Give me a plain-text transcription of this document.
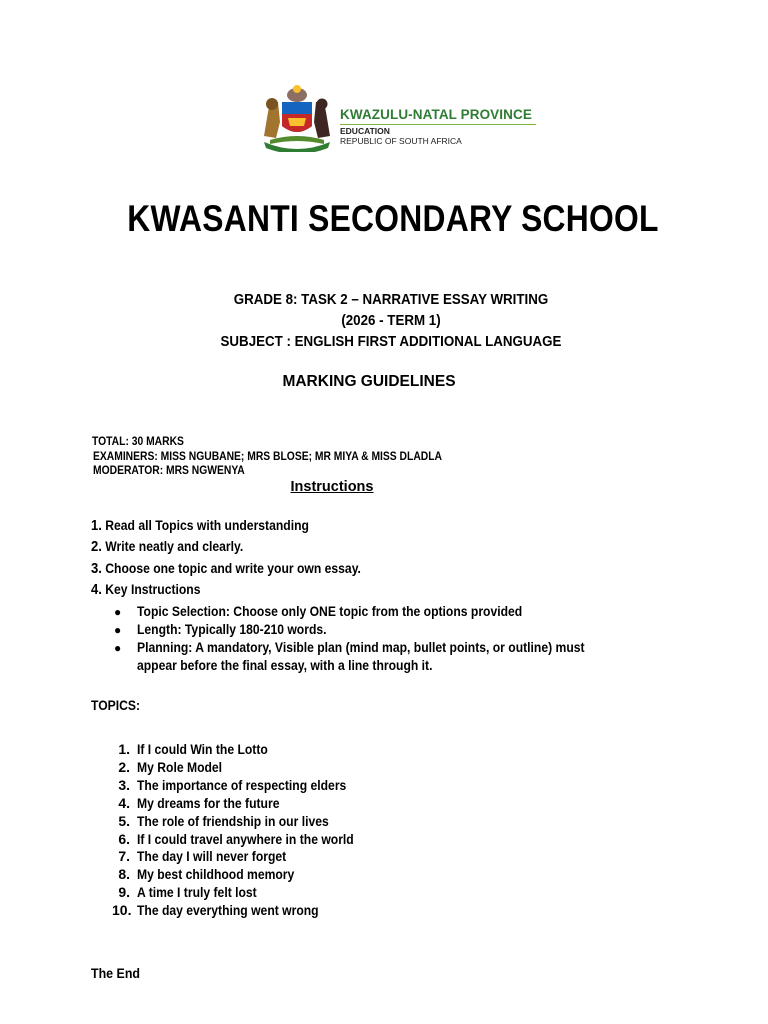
KWAZULU-NATAL PROVINCE
EDUCATION
REPUBLIC OF SOUTH AFRICA
KWASANTI SECONDARY SCHOOL
GRADE 8: TASK 2 – NARRATIVE ESSAY WRITING
(2026 - TERM 1)
SUBJECT : ENGLISH FIRST ADDITIONAL LANGUAGE
MARKING GUIDELINES
TOTAL: 30 MARKS
EXAMINERS: MISS NGUBANE; MRS BLOSE; MR MIYA & MISS DLADLA
MODERATOR: MRS NGWENYA
Instructions
1. Read all Topics with understanding
2. Write neatly and clearly.
3. Choose one topic and write your own essay.
4. Key Instructions
● Topic Selection: Choose only ONE topic from the options provided
● Length: Typically 180-210 words.
● Planning: A mandatory, Visible plan (mind map, bullet points, or outline) must
appear before the final essay, with a line through it.
TOPICS:
1. If I could Win the Lotto
2. My Role Model
3. The importance of respecting elders
4. My dreams for the future
5. The role of friendship in our lives
6. If I could travel anywhere in the world
7. The day I will never forget
8. My best childhood memory
9. A time I truly felt lost
10. The day everything went wrong
The End
